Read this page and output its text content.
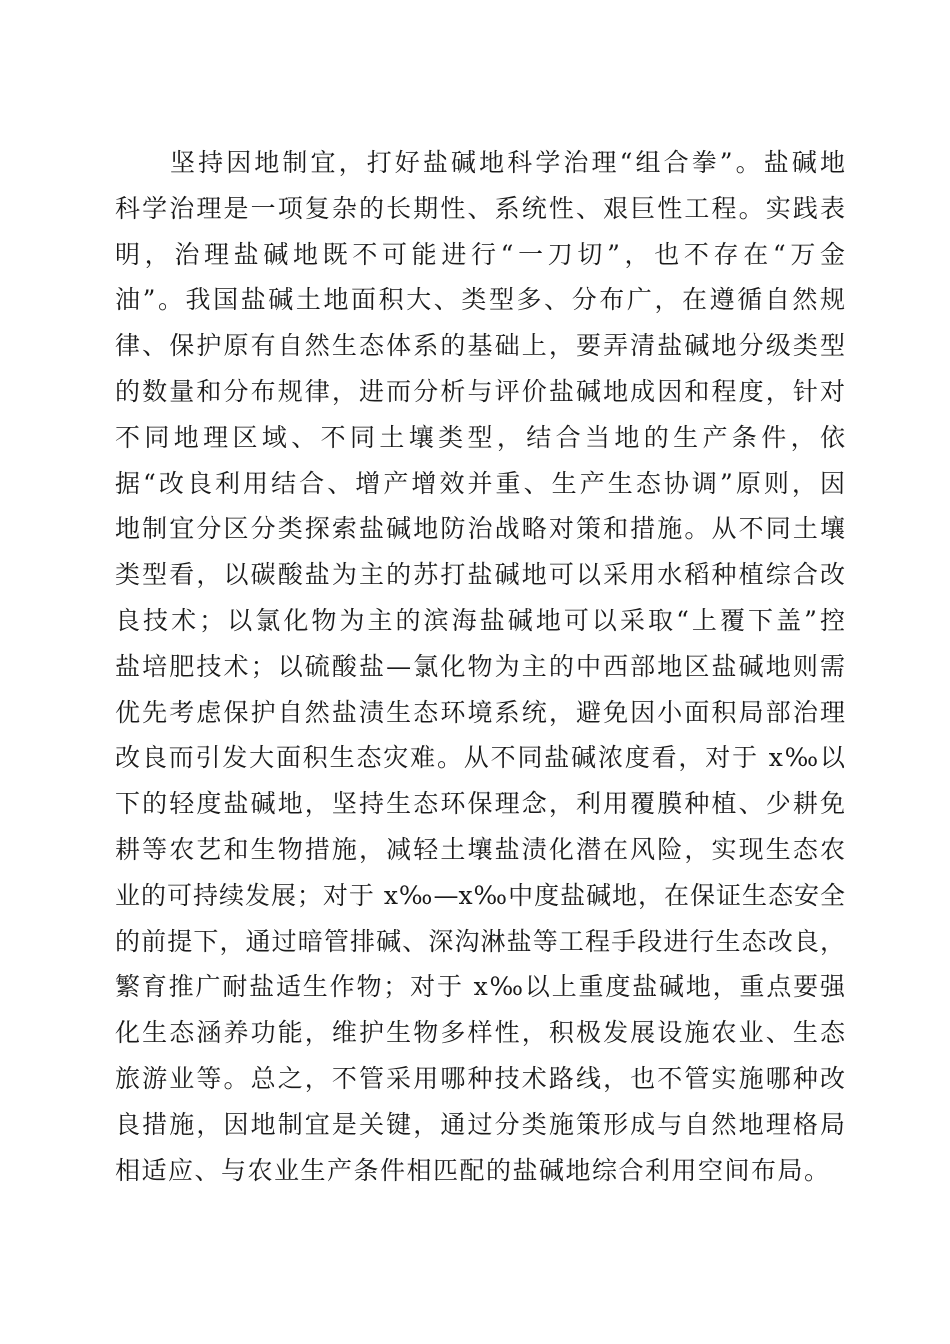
坚持因地制宜，打好盐碱地科学治理“组合拳”。盐碱地
科学治理是一项复杂的长期性、系统性、艰巨性工程。实践表
明，治理盐碱地既不可能进行“一刀切”，也不存在“万金
油”。我国盐碱土地面积大、类型多、分布广，在遵循自然规
律、保护原有自然生态体系的基础上，要弄清盐碱地分级类型
的数量和分布规律，进而分析与评价盐碱地成因和程度，针对
不同地理区域、不同土壤类型，结合当地的生产条件，依
据“改良利用结合、增产增效并重、生产生态协调”原则，因
地制宜分区分类探索盐碱地防治战略对策和措施。从不同土壤
类型看，以碳酸盐为主的苏打盐碱地可以采用水稻种植综合改
良技术；以氯化物为主的滨海盐碱地可以采取“上覆下盖”控
盐培肥技术；以硫酸盐—氯化物为主的中西部地区盐碱地则需
优先考虑保护自然盐渍生态环境系统，避免因小面积局部治理
改良而引发大面积生态灾难。从不同盐碱浓度看，对于 x‰以
下的轻度盐碱地，坚持生态环保理念，利用覆膜种植、少耕免
耕等农艺和生物措施，减轻土壤盐渍化潜在风险，实现生态农
业的可持续发展；对于 x‰—x‰中度盐碱地，在保证生态安全
的前提下，通过暗管排碱、深沟淋盐等工程手段进行生态改良，
繁育推广耐盐适生作物；对于 x‰以上重度盐碱地，重点要强
化生态涵养功能，维护生物多样性，积极发展设施农业、生态
旅游业等。总之，不管采用哪种技术路线，也不管实施哪种改
良措施，因地制宜是关键，通过分类施策形成与自然地理格局
相适应、与农业生产条件相匹配的盐碱地综合利用空间布局。
